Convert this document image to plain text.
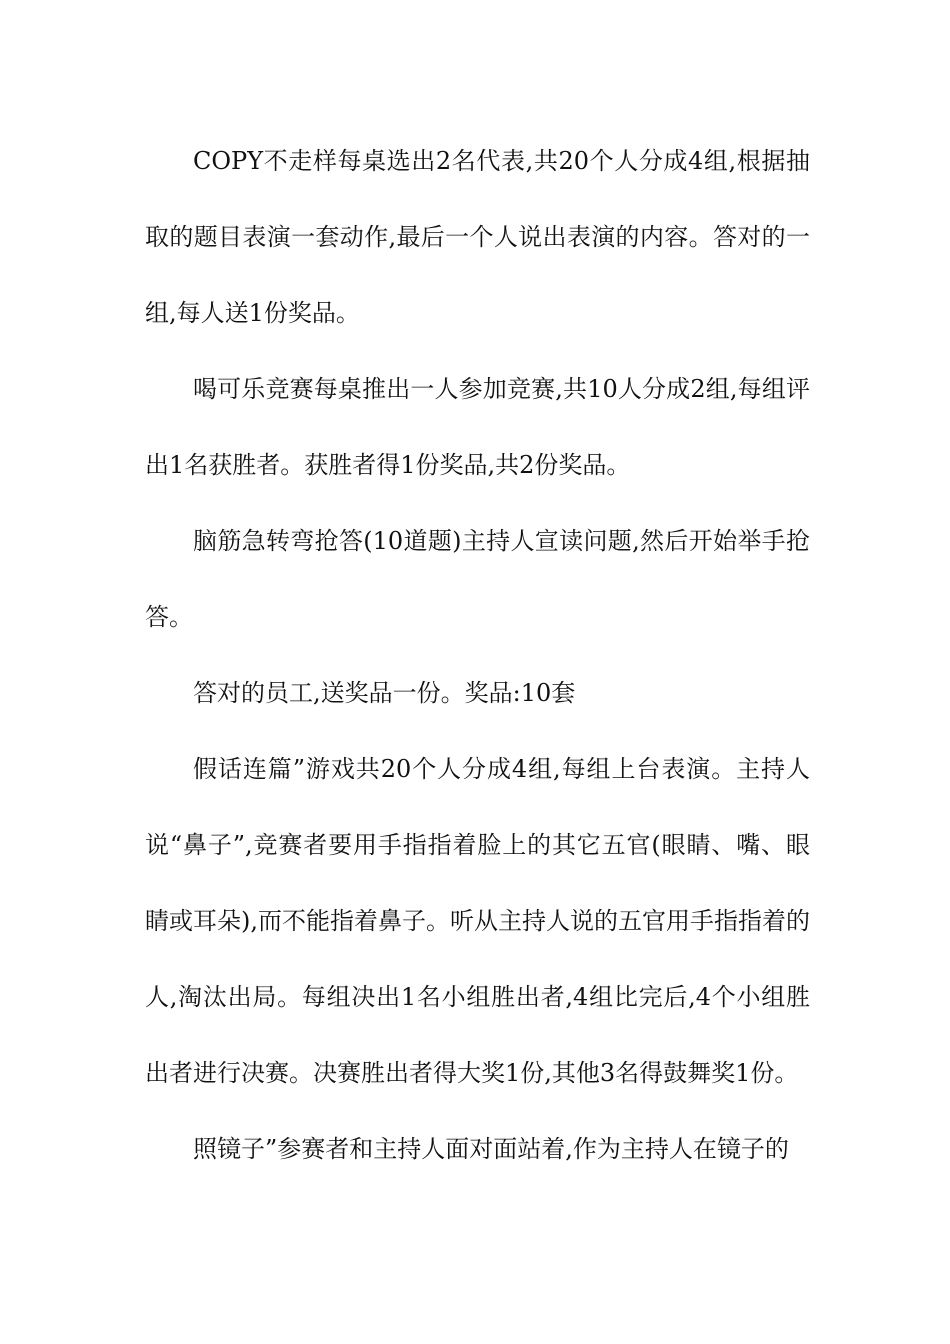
COPY不走样每桌选出2名代表,共20个人分成4组,根据抽取的题目表演一套动作,最后一个人说出表演的内容。答对的一组,每人送1份奖品。

喝可乐竞赛每桌推出一人参加竞赛,共10人分成2组,每组评出1名获胜者。获胜者得1份奖品,共2份奖品。

脑筋急转弯抢答(10道题)主持人宣读问题,然后开始举手抢答。

答对的员工,送奖品一份。奖品:10套

假话连篇”游戏共20个人分成4组,每组上台表演。主持人说“鼻子”,竞赛者要用手指指着脸上的其它五官(眼睛、嘴、眼睛或耳朵),而不能指着鼻子。听从主持人说的五官用手指指着的人,淘汰出局。每组决出1名小组胜出者,4组比完后,4个小组胜出者进行决赛。决赛胜出者得大奖1份,其他3名得鼓舞奖1份。

照镜子”参赛者和主持人面对面站着,作为主持人在镜子的
